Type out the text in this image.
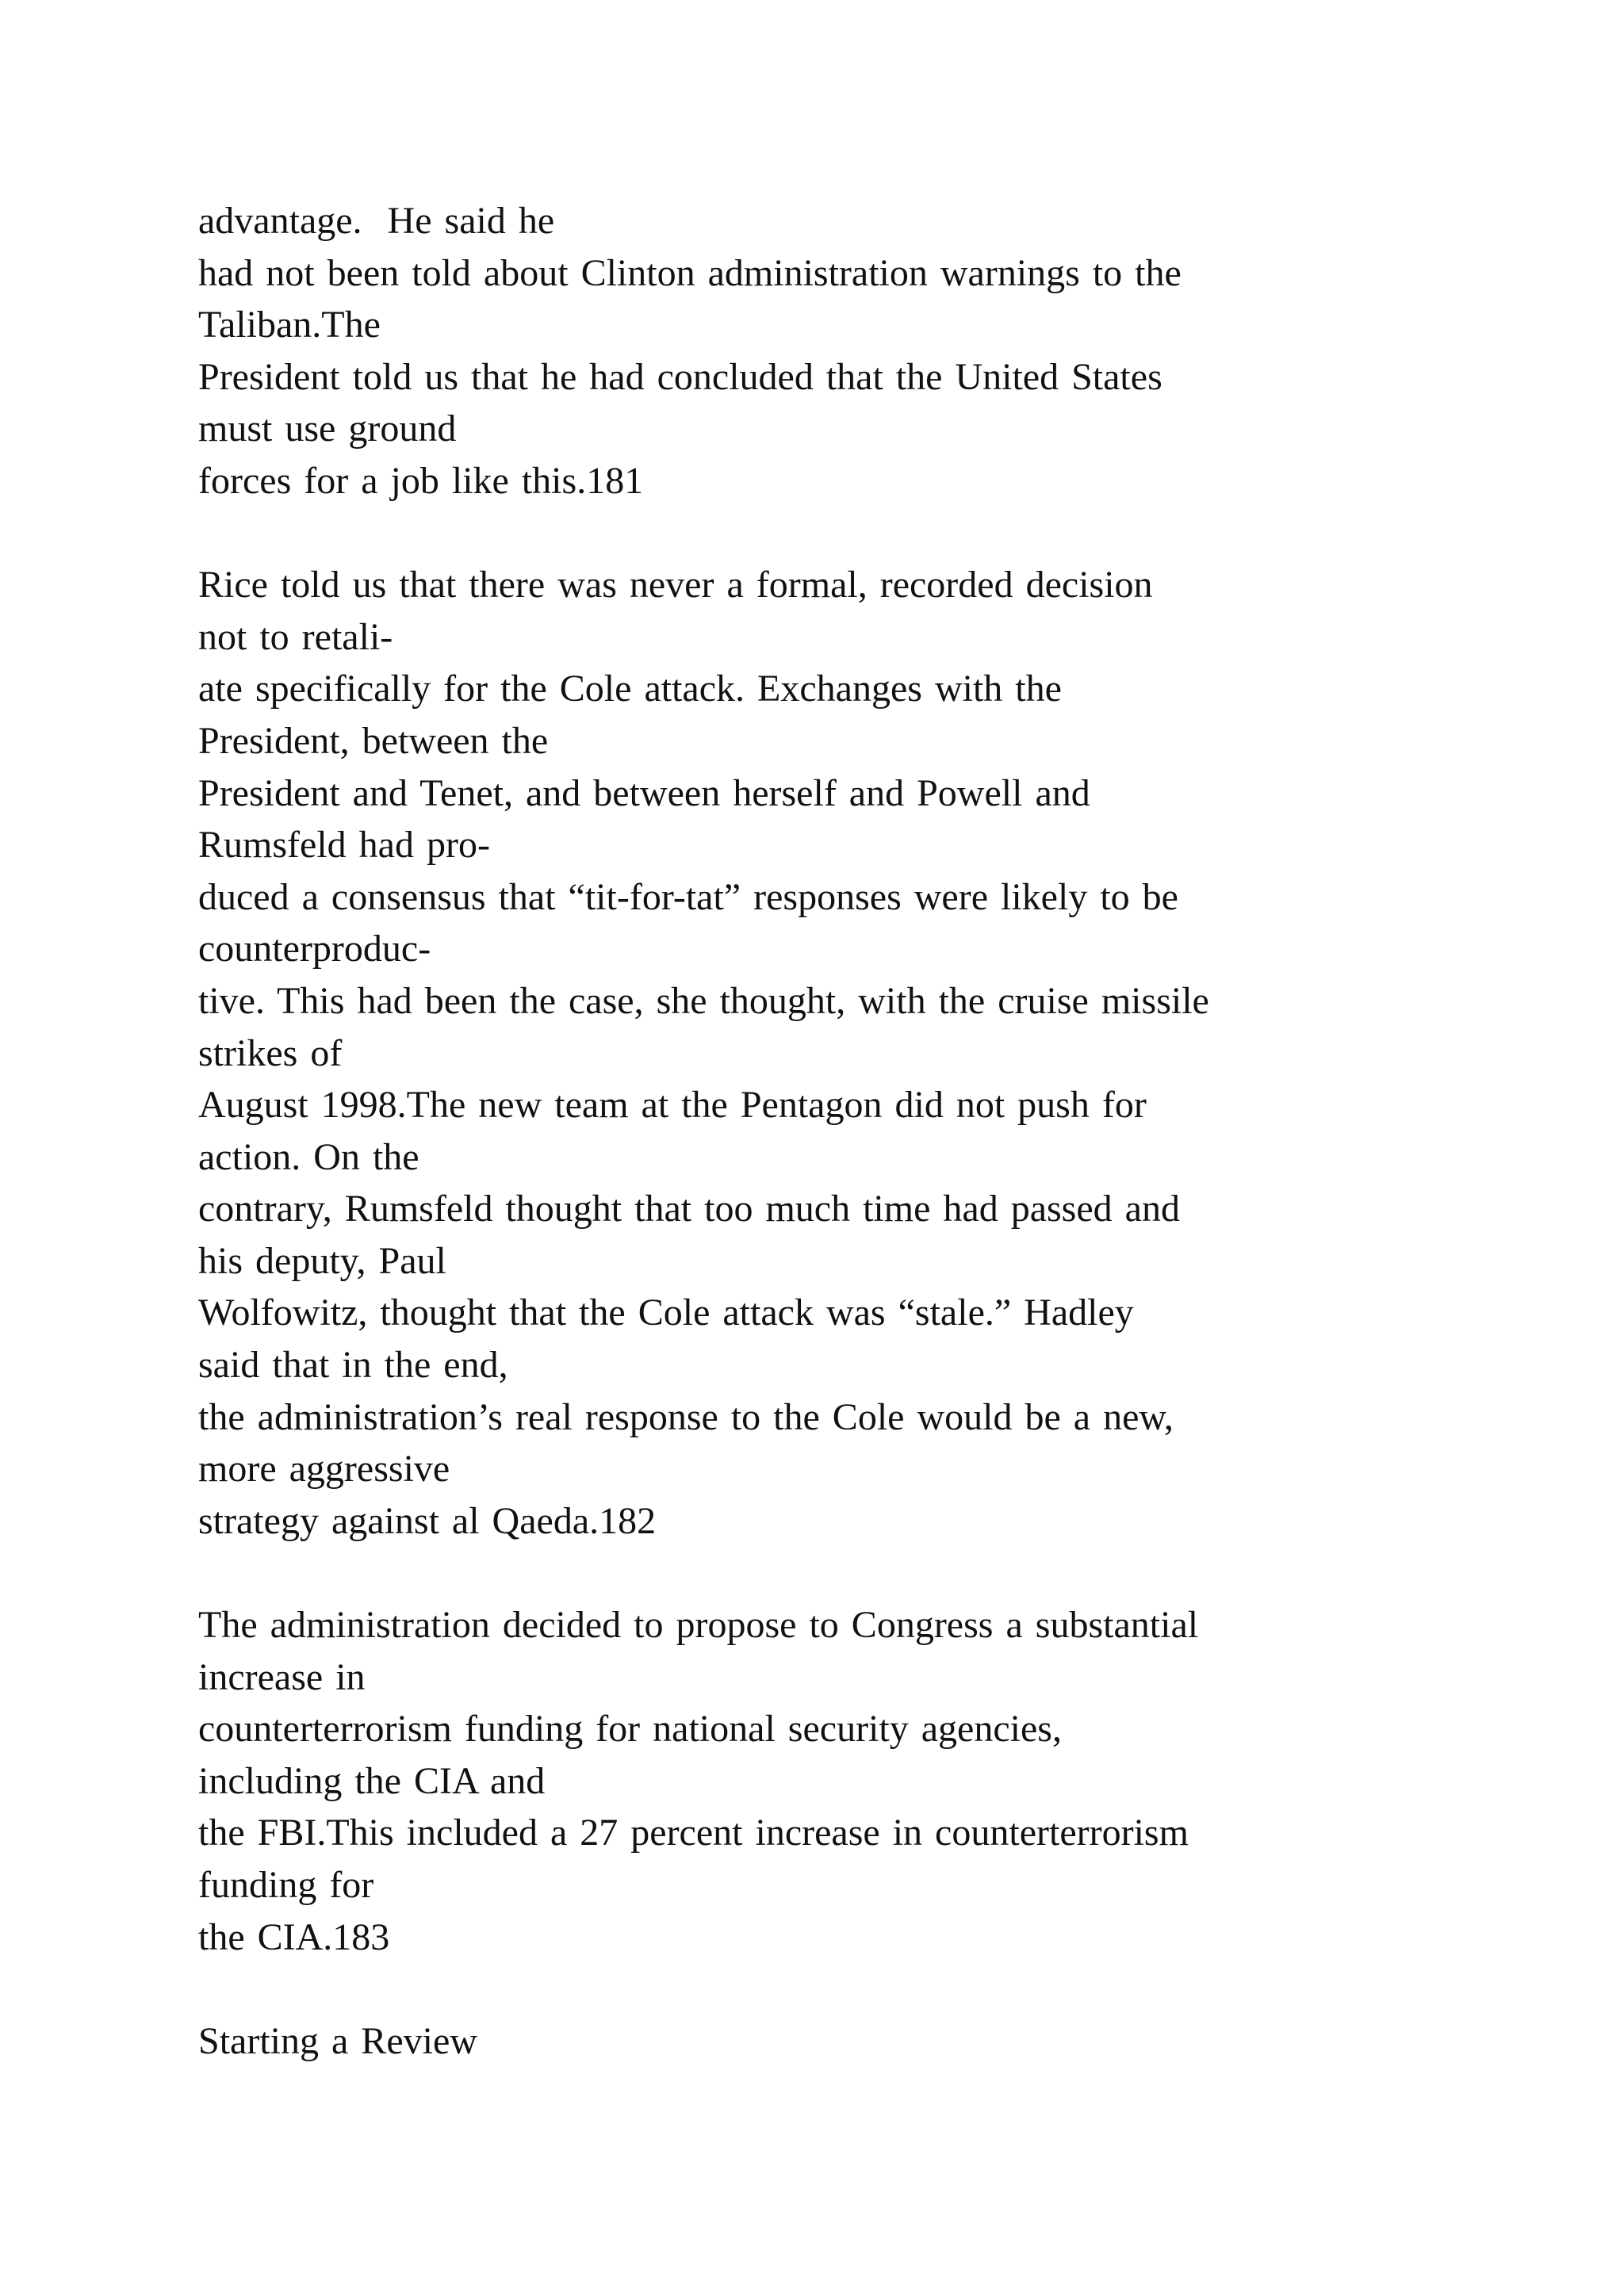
advantage.  He said he
had not been told about Clinton administration warnings to the
Taliban.The
President told us that he had concluded that the United States
must use ground
forces for a job like this.181
Rice told us that there was never a formal, recorded decision
not to retali-
ate specifically for the Cole attack. Exchanges with the
President, between the
President and Tenet, and between herself and Powell and
Rumsfeld had pro-
duced a consensus that “tit-for-tat” responses were likely to be
counterproduc-
tive. This had been the case, she thought, with the cruise missile
strikes of
August 1998.The new team at the Pentagon did not push for
action. On the
contrary, Rumsfeld thought that too much time had passed and
his deputy, Paul
Wolfowitz, thought that the Cole attack was “stale.” Hadley
said that in the end,
the administration’s real response to the Cole would be a new,
more aggressive
strategy against al Qaeda.182
The administration decided to propose to Congress a substantial
increase in
counterterrorism funding for national security agencies,
including the CIA and
the FBI.This included a 27 percent increase in counterterrorism
funding for
the CIA.183
Starting a Review
